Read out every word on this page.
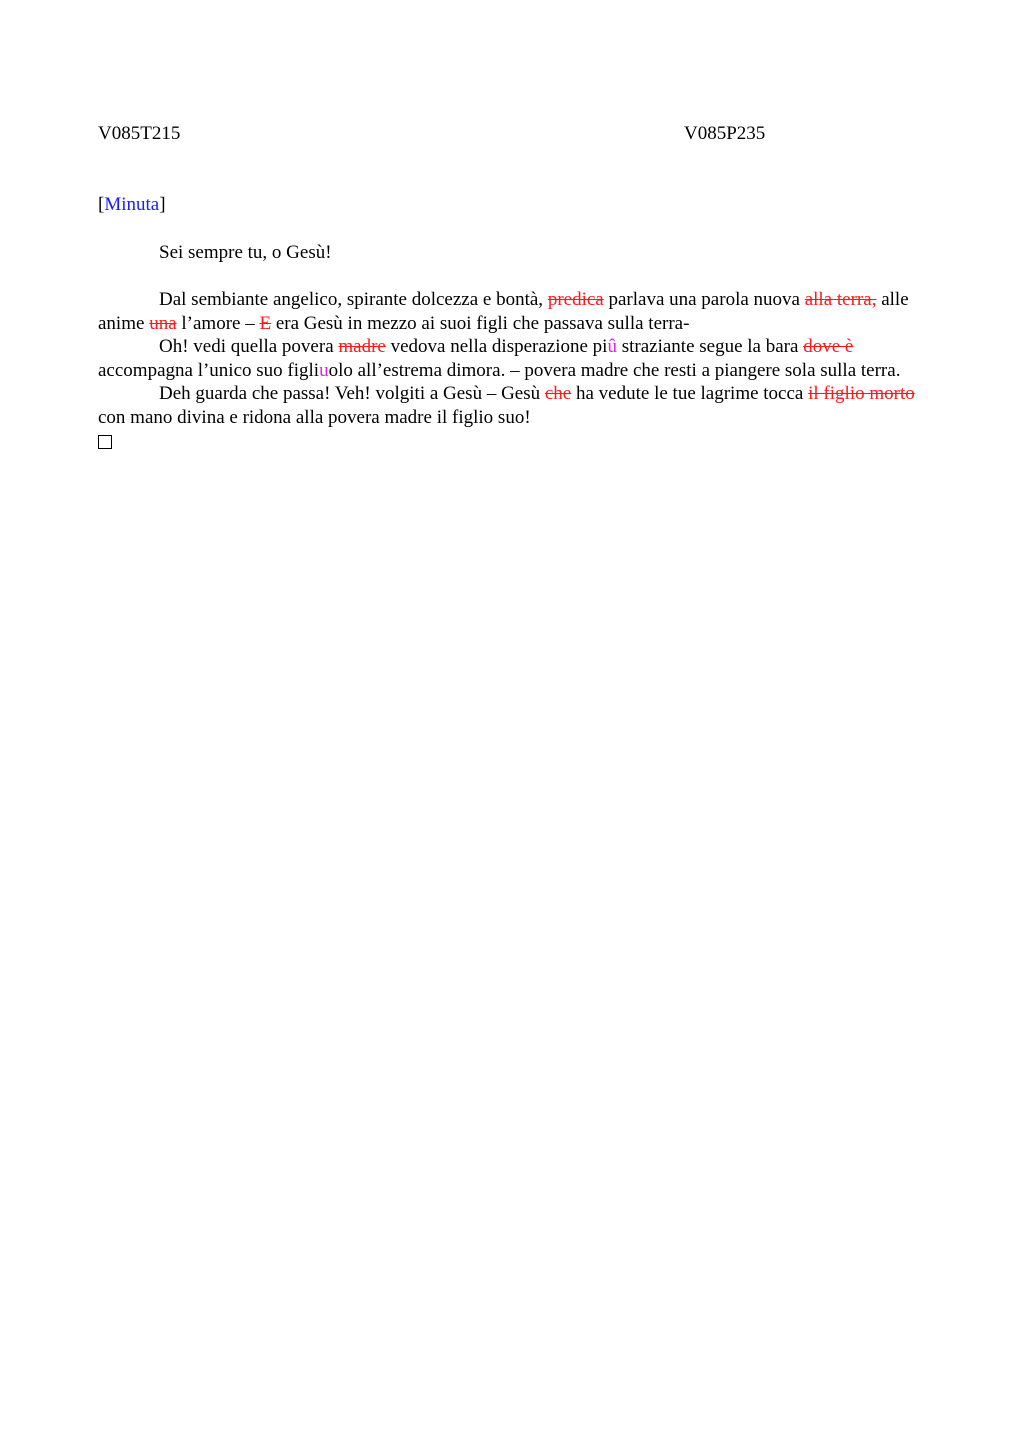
V085T215	V085P235
[Minuta]

Sei sempre tu, o Gesù!

Dal sembiante angelico, spirante dolcezza e bontà, predica parlava una parola nuova alla terra, alle anime una l’amore – E era Gesù in mezzo ai suoi figli che passava sulla terra-

Oh! vedi quella povera madre vedova nella disperazione piû straziante segue la bara dove è accompagna l’unico suo figliuolo all’estrema dimora. – povera madre che resti a piangere sola sulla terra.

Deh guarda che passa! Veh! volgiti a Gesù – Gesù che ha vedute le tue lagrime tocca il figlio morto con mano divina e ridona alla povera madre il figlio suo!
